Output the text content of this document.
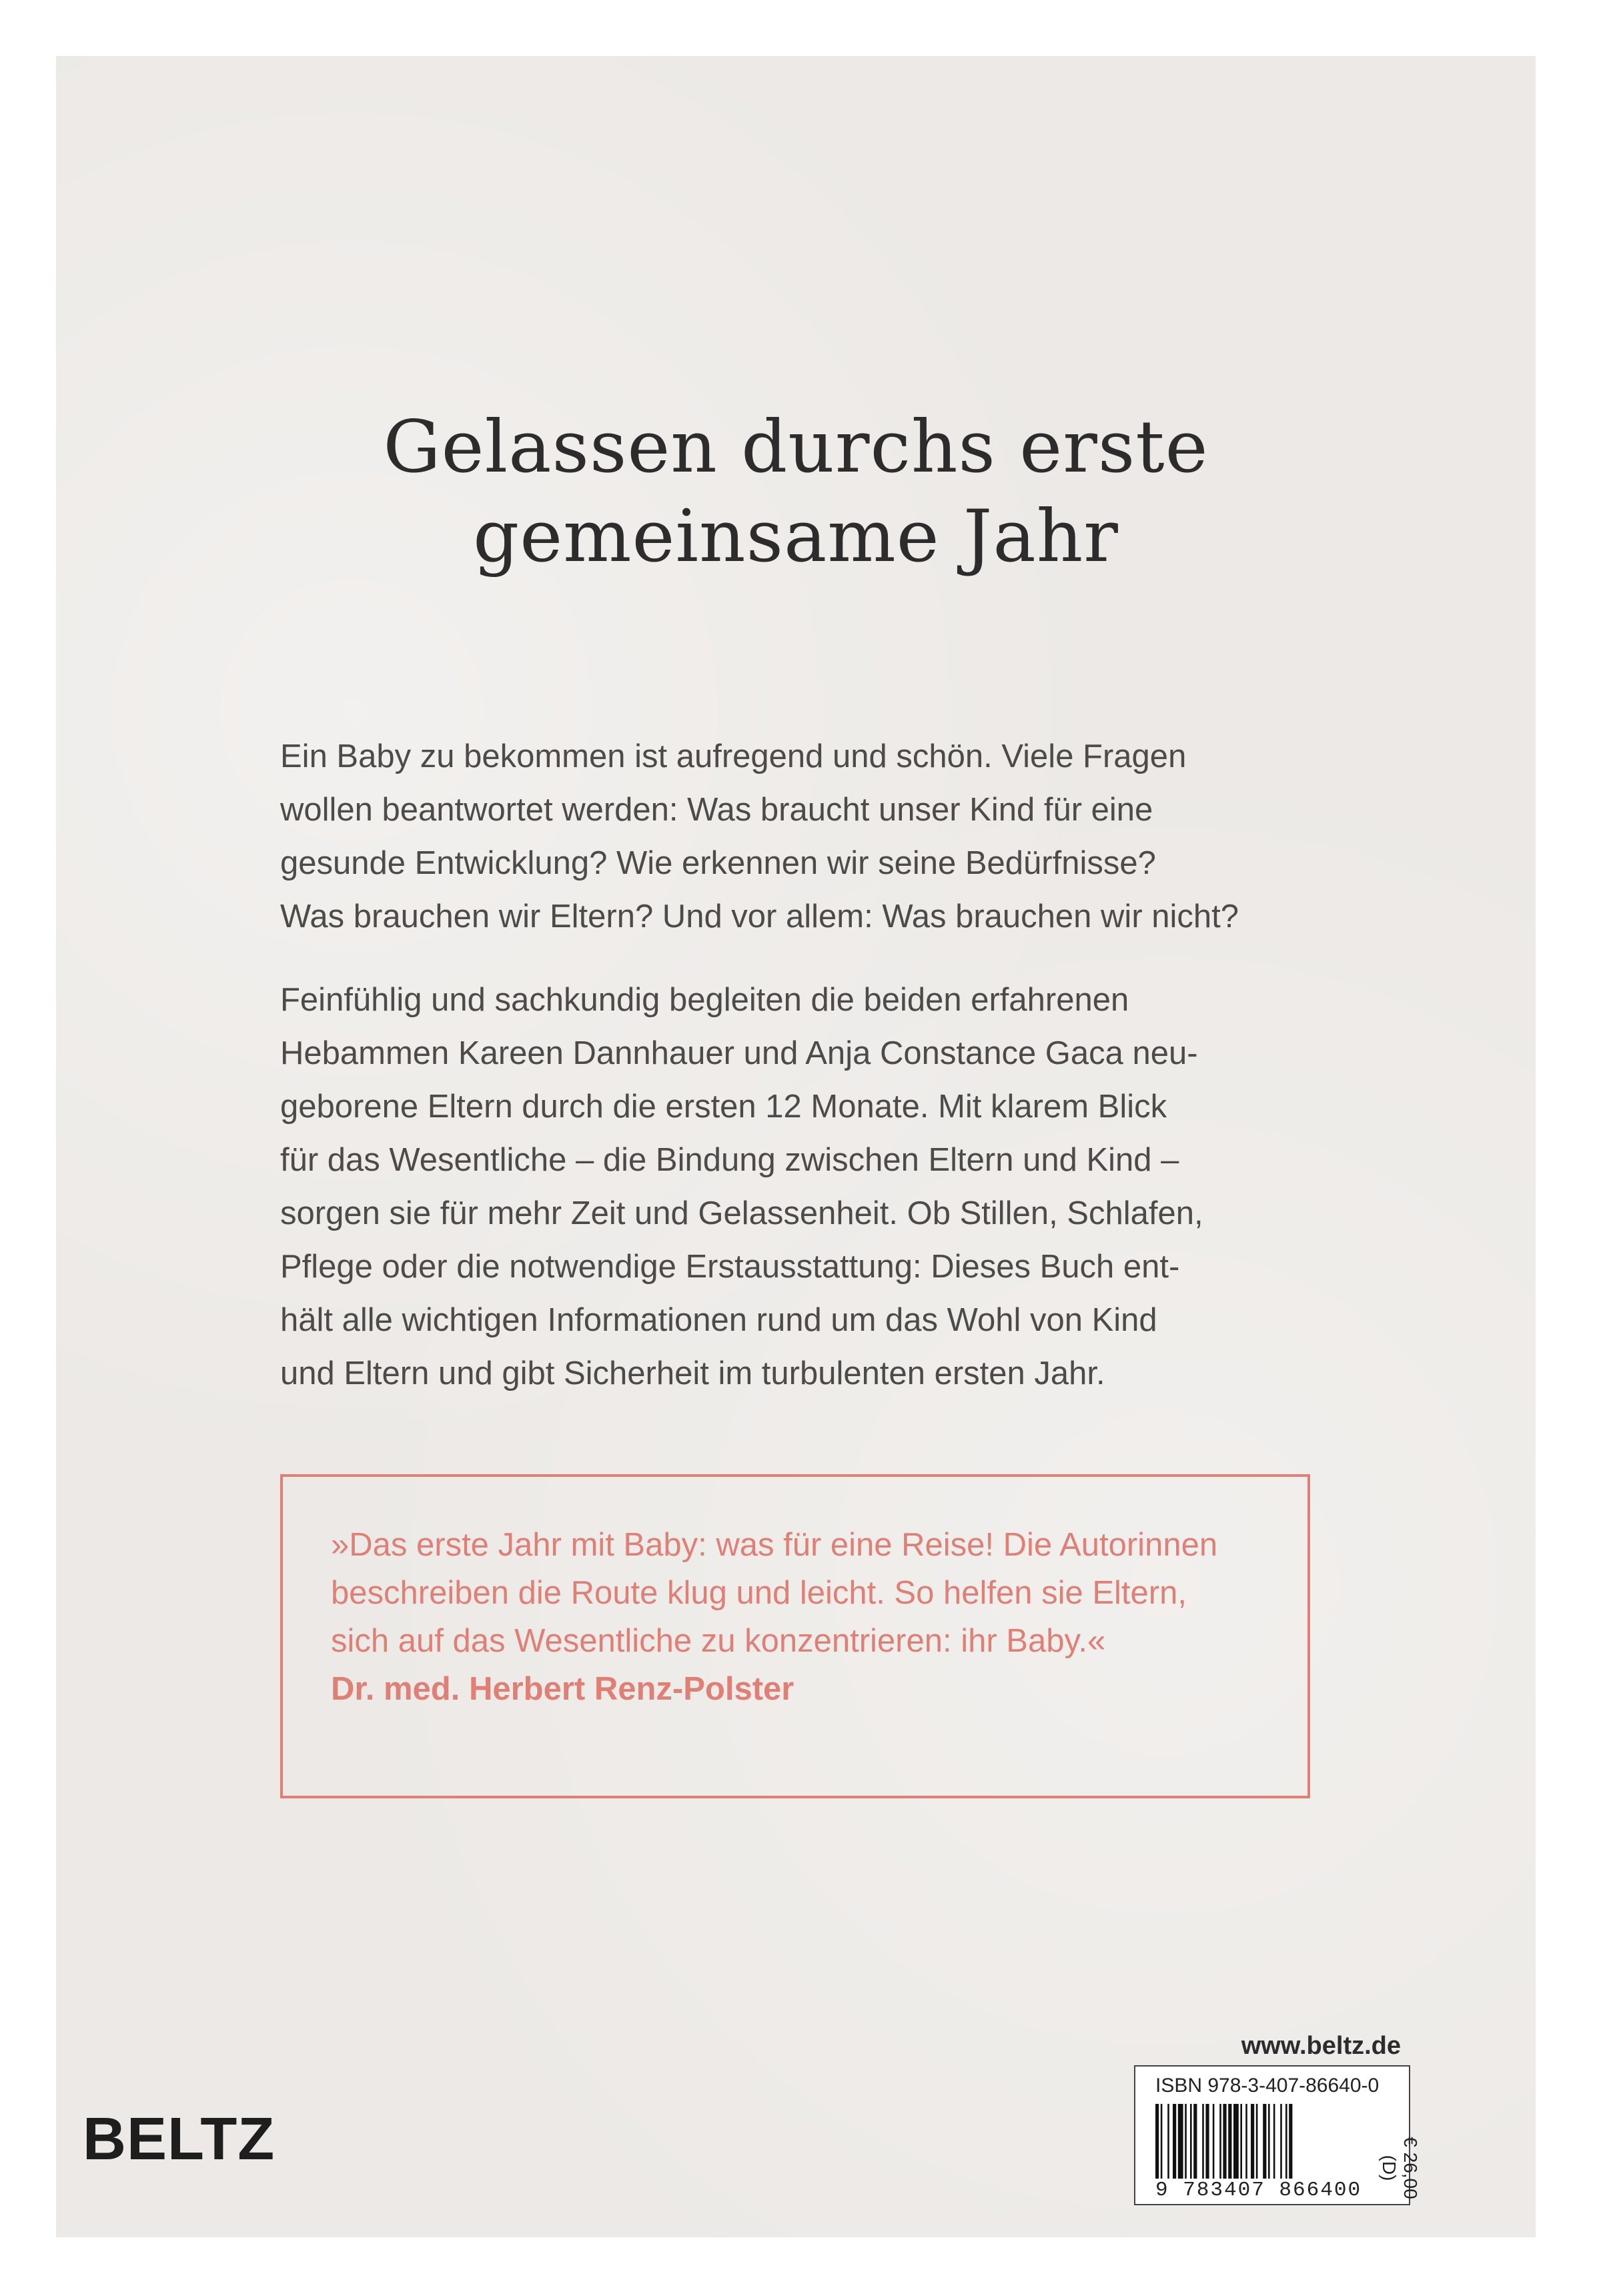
Gelassen durchs erste
gemeinsame Jahr
Ein Baby zu bekommen ist aufregend und schön. Viele Fragen
wollen beantwortet werden: Was braucht unser Kind für eine
gesunde Entwicklung? Wie erkennen wir seine Bedürfnisse?
Was brauchen wir Eltern? Und vor allem: Was brauchen wir nicht?
Feinfühlig und sachkundig begleiten die beiden erfahrenen
Hebammen Kareen Dannhauer und Anja Constance Gaca neu-
geborene Eltern durch die ersten 12 Monate. Mit klarem Blick
für das Wesentliche – die Bindung zwischen Eltern und Kind –
sorgen sie für mehr Zeit und Gelassenheit. Ob Stillen, Schlafen,
Pflege oder die notwendige Erstausstattung: Dieses Buch ent-
hält alle wichtigen Informationen rund um das Wohl von Kind
und Eltern und gibt Sicherheit im turbulenten ersten Jahr.
»Das erste Jahr mit Baby: was für eine Reise! Die Autorinnen
beschreiben die Route klug und leicht. So helfen sie Eltern,
sich auf das Wesentliche zu konzentrieren: ihr Baby.«
Dr. med. Herbert Renz-Polster
www.beltz.de
ISBN 978-3-407-86640-0
€ 26,00 (D)
9 783407 866400
BELTZ
